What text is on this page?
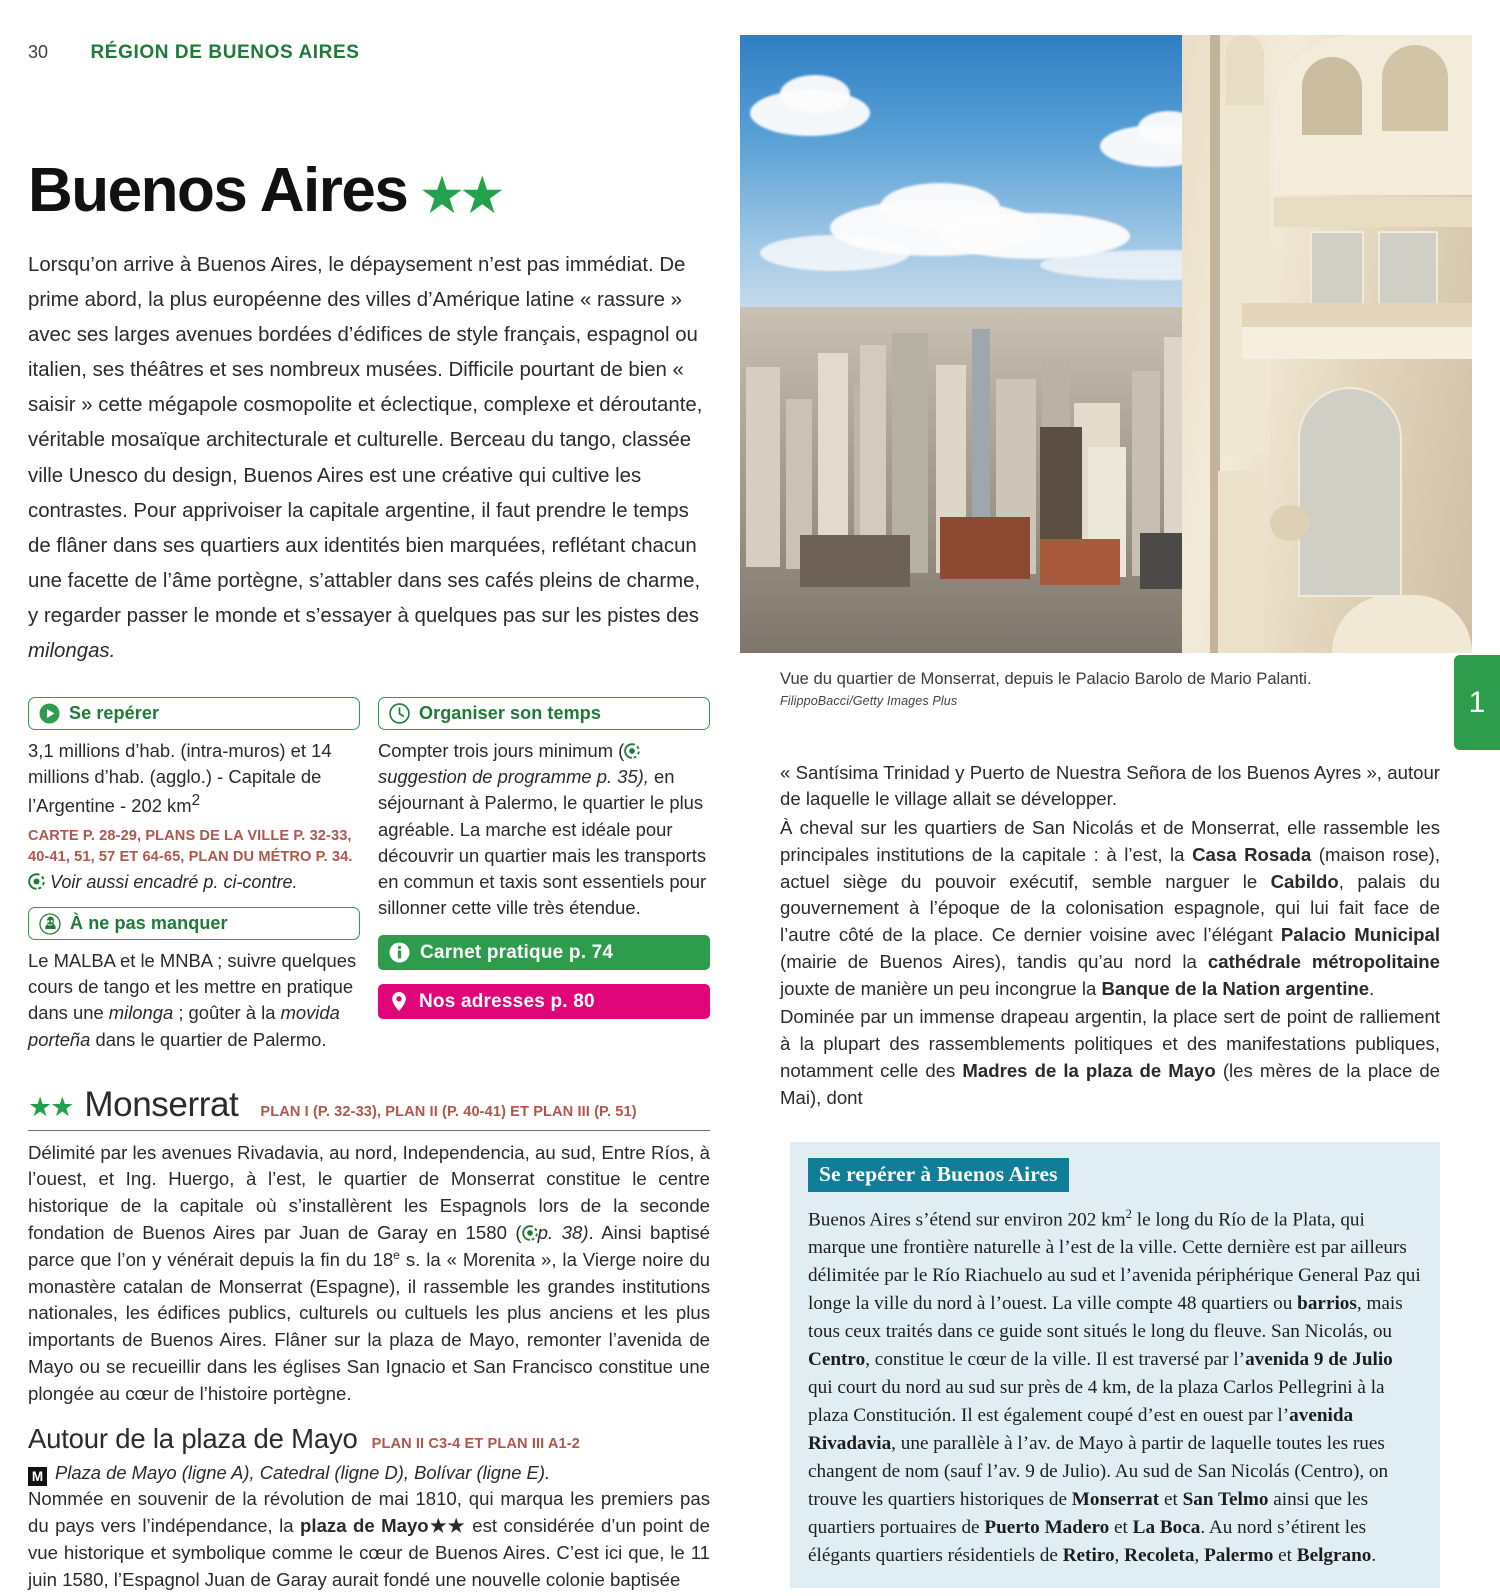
30 RÉGION DE BUENOS AIRES
1
Buenos Aires ★★

Lorsqu’on arrive à Buenos Aires, le dépaysement n’est pas immédiat. De prime abord, la plus européenne des villes d’Amérique latine « rassure » avec ses larges avenues bordées d’édifices de style français, espagnol ou italien, ses théâtres et ses nombreux musées. Difficile pourtant de bien « saisir » cette mégapole cosmopolite et éclectique, complexe et déroutante, véritable mosaïque architecturale et culturelle. Berceau du tango, classée ville Unesco du design, Buenos Aires est une créative qui cultive les contrastes. Pour apprivoiser la capitale argentine, il faut prendre le temps de flâner dans ses quartiers aux identités bien marquées, reflétant chacun une facette de l’âme portègne, s’attabler dans ses cafés pleins de charme, y regarder passer le monde et s’essayer à quelques pas sur les pistes des milongas.

Se repérer

3,1 millions d’hab. (intra-muros) et 14 millions d’hab. (agglo.) - Capitale de l’Argentine - 202 $km^2$

CARTE P. 28-29, PLANS DE LA VILLE P. 32-33, 40-41, 51, 57 ET 64-65, PLAN DU MÉTRO P. 34.

Voir aussi encadré p. ci-contre.

À ne pas manquer

Le MALBA et le MNBA ; suivre quelques cours de tango et les mettre en pratique dans une milonga ; goûter à la movida porteña dans le quartier de Palermo.

Organiser son temps

Compter trois jours minimum (suggestion de programme p. 35), en séjournant à Palermo, le quartier le plus agréable. La marche est idéale pour découvrir un quartier mais les transports en commun et taxis sont essentiels pour sillonner cette ville très étendue.

Carnet pratique p. 74
Nos adresses p. 80
★★ Monserrat PLAN I (P. 32-33), PLAN II (P. 40-41) ET PLAN III (P. 51)

Délimité par les avenues Rivadavia, au nord, Independencia, au sud, Entre Ríos, à l’ouest, et Ing. Huergo, à l’est, le quartier de Monserrat constitue le centre historique de la capitale où s’installèrent les Espagnols lors de la seconde fondation de Buenos Aires par Juan de Garay en 1580 ( p. 38). Ainsi baptisé parce que l’on y vénérait depuis la fin du 18e s. la « Morenita », la Vierge noire du monastère catalan de Monserrat (Espagne), il rassemble les grandes institutions nationales, les édifices publics, culturels ou cultuels les plus anciens et les plus importants de Buenos Aires. Flâner sur la plaza de Mayo, remonter l’avenida de Mayo ou se recueillir dans les églises San Ignacio et San Francisco constitue une plongée au cœur de l’histoire portègne.

Autour de la plaza de Mayo PLAN II C3-4 ET PLAN III A1-2

M Plaza de Mayo (ligne A), Catedral (ligne D), Bolívar (ligne E).

Nommée en souvenir de la révolution de mai 1810, qui marqua les premiers pas du pays vers l’indépendance, la plaza de Mayo★★ est considérée d’un point de vue historique et symbolique comme le cœur de Buenos Aires. C’est ici que, le 11 juin 1580, l’Espagnol Juan de Garay aurait fondé une nouvelle colonie baptisée

Vue du quartier de Monserrat, depuis le Palacio Barolo de Mario Palanti.

FilippoBacci/Getty Images Plus

« Santísima Trinidad y Puerto de Nuestra Señora de los Buenos Ayres », autour de laquelle le village allait se développer.

À cheval sur les quartiers de San Nicolás et de Monserrat, elle rassemble les principales institutions de la capitale : à l’est, la Casa Rosada (maison rose), actuel siège du pouvoir exécutif, semble narguer le Cabildo, palais du gouvernement à l’époque de la colonisation espagnole, qui lui fait face de l’autre côté de la place. Ce dernier voisine avec l’élégant Palacio Municipal (mairie de Buenos Aires), tandis qu’au nord la cathédrale métropolitaine jouxte de manière un peu incongrue la Banque de la Nation argentine.

Dominée par un immense drapeau argentin, la place sert de point de ralliement à la plupart des rassemblements politiques et des manifestations publiques, notamment celle des Madres de la plaza de Mayo (les mères de la place de Mai), dont

Se repérer à Buenos Aires

Buenos Aires s’étend sur environ 202 $km^2$ le long du Río de la Plata, qui marque une frontière naturelle à l’est de la ville. Cette dernière est par ailleurs délimitée par le Río Riachuelo au sud et l’avenida périphérique General Paz qui longe la ville du nord à l’ouest. La ville compte 48 quartiers ou barrios, mais tous ceux traités dans ce guide sont situés le long du fleuve. San Nicolás, ou Centro, constitue le cœur de la ville. Il est traversé par l’avenida 9 de Julio qui court du nord au sud sur près de 4 km, de la plaza Carlos Pellegrini à la plaza Constitución. Il est également coupé d’est en ouest par l’avenida Rivadavia, une parallèle à l’av. de Mayo à partir de laquelle toutes les rues changent de nom (sauf l’av. 9 de Julio). Au sud de San Nicolás (Centro), on trouve les quartiers historiques de Monserrat et San Telmo ainsi que les quartiers portuaires de Puerto Madero et La Boca. Au nord s’étirent les élégants quartiers résidentiels de Retiro, Recoleta, Palermo et Belgrano.
